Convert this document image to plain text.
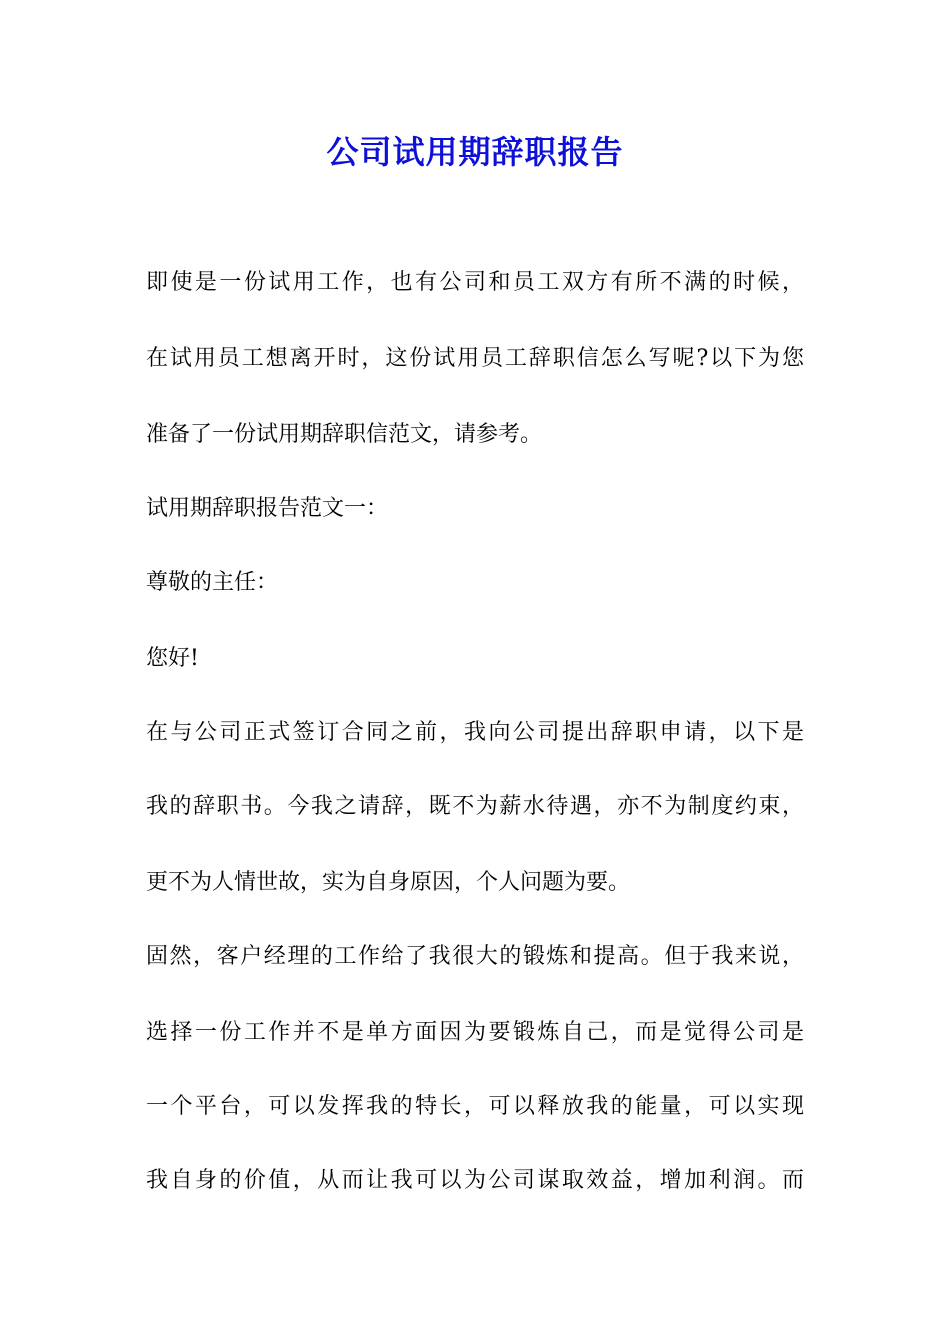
公司试用期辞职报告

即使是一份试用工作，也有公司和员工双方有所不满的时候，

在试用员工想离开时，这份试用员工辞职信怎么写呢?以下为您

准备了一份试用期辞职信范文，请参考。

试用期辞职报告范文一：

尊敬的主任：

您好!

在与公司正式签订合同之前，我向公司提出辞职申请，以下是

我的辞职书。今我之请辞，既不为薪水待遇，亦不为制度约束，

更不为人情世故，实为自身原因，个人问题为要。

固然，客户经理的工作给了我很大的锻炼和提高。但于我来说，

选择一份工作并不是单方面因为要锻炼自己，而是觉得公司是

一个平台，可以发挥我的特长，可以释放我的能量，可以实现

我自身的价值，从而让我可以为公司谋取效益，增加利润。而
